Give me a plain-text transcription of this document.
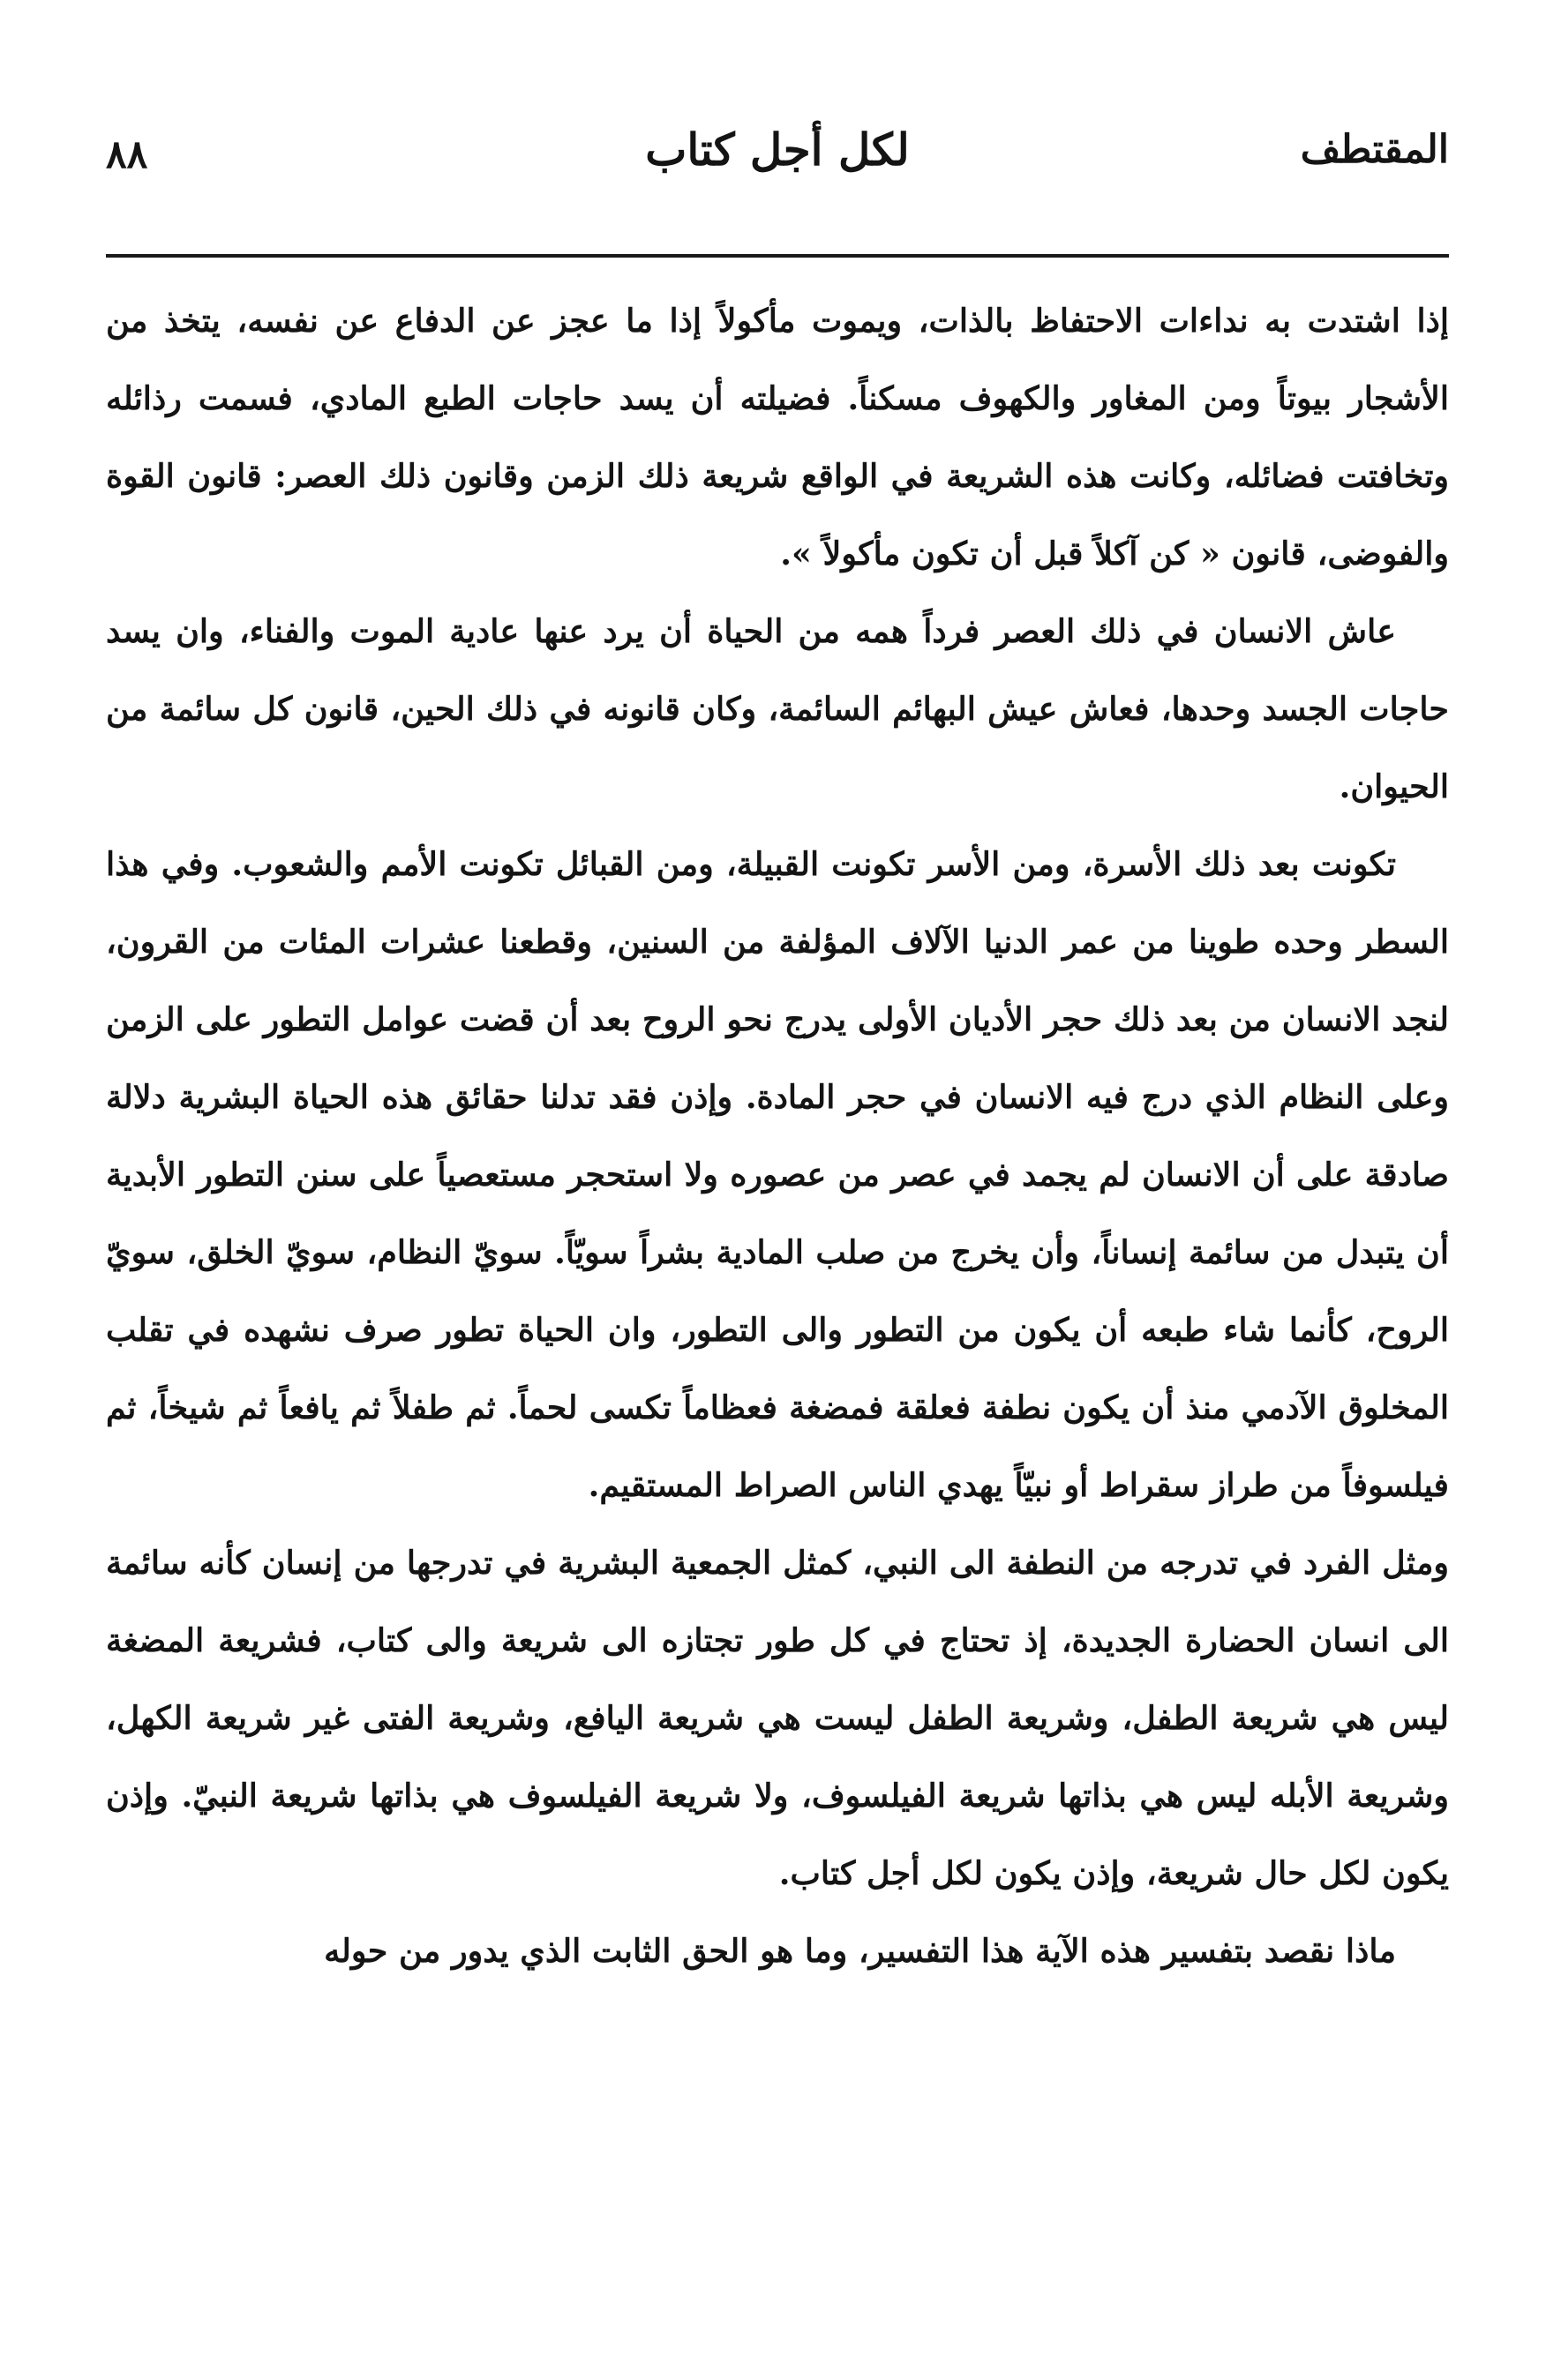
المقتطف
لكل أجل كتاب
٨٨

إذا اشتدت به نداءات الاحتفاظ بالذات، ويموت مأكولاً إذا ما عجز عن الدفاع عن نفسه، يتخذ من الأشجار بيوتاً ومن المغاور والكهوف مسكناً. فضيلته أن يسد حاجات الطبع المادي، فسمت رذائله وتخافتت فضائله، وكانت هذه الشريعة في الواقع شريعة ذلك الزمن وقانون ذلك العصر: قانون القوة والفوضى، قانون « كن آكلاً قبل أن تكون مأكولاً ».

عاش الانسان في ذلك العصر فرداً همه من الحياة أن يرد عنها عادية الموت والفناء، وان يسد حاجات الجسد وحدها، فعاش عيش البهائم السائمة، وكان قانونه في ذلك الحين، قانون كل سائمة من الحيوان.

تكونت بعد ذلك الأسرة، ومن الأسر تكونت القبيلة، ومن القبائل تكونت الأمم والشعوب. وفي هذا السطر وحده طوينا من عمر الدنيا الآلاف المؤلفة من السنين، وقطعنا عشرات المئات من القرون، لنجد الانسان من بعد ذلك حجر الأديان الأولى يدرج نحو الروح بعد أن قضت عوامل التطور على الزمن وعلى النظام الذي درج فيه الانسان في حجر المادة. وإذن فقد تدلنا حقائق هذه الحياة البشرية دلالة صادقة على أن الانسان لم يجمد في عصر من عصوره ولا استحجر مستعصياً على سنن التطور الأبدية أن يتبدل من سائمة إنساناً، وأن يخرج من صلب المادية بشراً سويّاً. سويّ النظام، سويّ الخلق، سويّ الروح، كأنما شاء طبعه أن يكون من التطور والى التطور، وان الحياة تطور صرف نشهده في تقلب المخلوق الآدمي منذ أن يكون نطفة فعلقة فمضغة فعظاماً تكسى لحماً. ثم طفلاً ثم يافعاً ثم شيخاً، ثم فيلسوفاً من طراز سقراط أو نبيّاً يهدي الناس الصراط المستقيم.

ومثل الفرد في تدرجه من النطفة الى النبي، كمثل الجمعية البشرية في تدرجها من إنسان كأنه سائمة الى انسان الحضارة الجديدة، إذ تحتاج في كل طور تجتازه الى شريعة والى كتاب، فشريعة المضغة ليس هي شريعة الطفل، وشريعة الطفل ليست هي شريعة اليافع، وشريعة الفتى غير شريعة الكهل، وشريعة الأبله ليس هي بذاتها شريعة الفيلسوف، ولا شريعة الفيلسوف هي بذاتها شريعة النبيّ. وإذن يكون لكل حال شريعة، وإذن يكون لكل أجل كتاب.

ماذا نقصد بتفسير هذه الآية هذا التفسير، وما هو الحق الثابت الذي يدور من حوله
